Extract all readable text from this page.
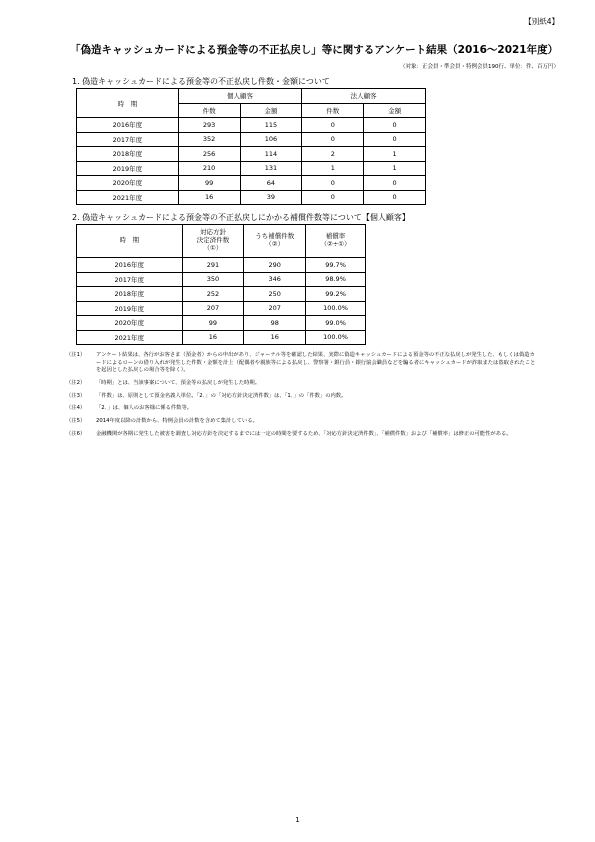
【別紙4】
「偽造キャッシュカードによる預金等の不正払戻し」等に関するアンケート結果（2016～2021年度）
（対象：正会員・準会員・特例会員190行、単位：件、百万円）
1. 偽造キャッシュカードによる預金等の不正払戻し件数・金額について
時　期	個人顧客		法人顧客	
	件数	金額	件数	金額
2016年度	293	115	0	0
2017年度	352	106	0	0
2018年度	256	114	2	1
2019年度	210	131	1	1
2020年度	99	64	0	0
2021年度	16	39	0	0
2. 偽造キャッシュカードによる預金等の不正払戻しにかかる補償件数等について【個人顧客】
時　期	対応方針
決定済件数
（①）	うち補償件数
（②）	補償率
（②÷①）
2016年度	291	290	99.7%
2017年度	350	346	98.9%
2018年度	252	250	99.2%
2019年度	207	207	100.0%
2020年度	99	98	99.0%
2021年度	16	16	100.0%
（注1）	アンケート結果は、各行がお客さま（預金者）からの申出があり、ジャーナル等を確認した結果、実際に偽造キャッシュカードによる預金等の不正な払戻しが発生した、もしくは偽造カードによるローンの借り入れが発生した件数・金額を計上（配偶者や親族等による払戻し、警察署・銀行員・銀行協会職員などを騙る者にキャッシュカードが詐取または盗取されたことを起因とした払戻しの場合等を除く）。
（注2）	「時期」とは、当該事案について、預金等の払戻しが発生した時期。
（注3）	「件数」は、原則として預金名義人単位。「2．」の「対応方針決定済件数」は、「1．」の「件数」の内数。
（注4）	「2．」は、個人のお客様に係る件数等。
（注5）	2014年度以降の計数から、特例会員の計数を含めて集計している。
（注6）	金融機関が各期に発生した被害を調査し対応方針を決定するまでには一定の時間を要するため、「対応方針決定済件数」、「補償件数」および「補償率」は修正の可能性がある。
1
